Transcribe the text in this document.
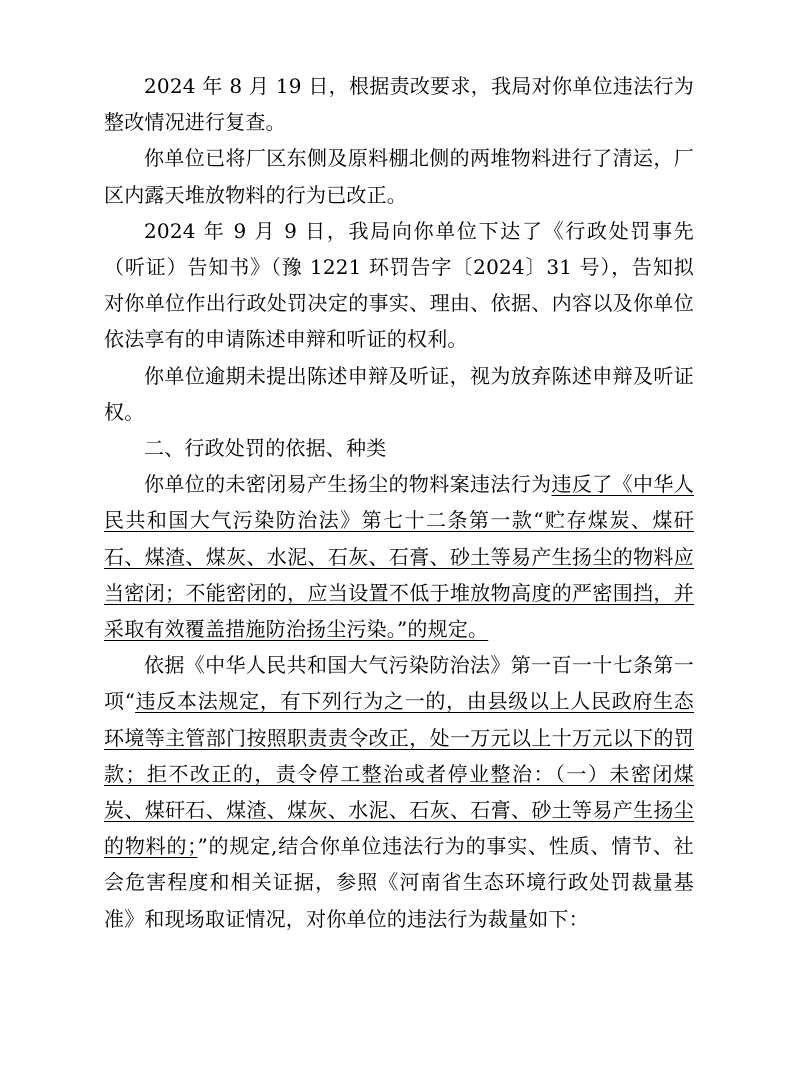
2024 年 8 月 19 日，根据责改要求，我局对你单位违法行为整改情况进行复查。

你单位已将厂区东侧及原料棚北侧的两堆物料进行了清运，厂区内露天堆放物料的行为已改正。

2024 年 9 月 9 日，我局向你单位下达了《行政处罚事先（听证）告知书》（豫 1221 环罚告字〔2024〕31 号），告知拟对你单位作出行政处罚决定的事实、理由、依据、内容以及你单位依法享有的申请陈述申辩和听证的权利。

你单位逾期未提出陈述申辩及听证，视为放弃陈述申辩及听证权。

二、行政处罚的依据、种类

你单位的未密闭易产生扬尘的物料案违法行为违反了《中华人民共和国大气污染防治法》第七十二条第一款“贮存煤炭、煤矸石、煤渣、煤灰、水泥、石灰、石膏、砂土等易产生扬尘的物料应当密闭；不能密闭的，应当设置不低于堆放物高度的严密围挡，并采取有效覆盖措施防治扬尘污染。”的规定。

依据《中华人民共和国大气污染防治法》第一百一十七条第一项“违反本法规定，有下列行为之一的，由县级以上人民政府生态环境等主管部门按照职责责令改正，处一万元以上十万元以下的罚款；拒不改正的，责令停工整治或者停业整治：（一）未密闭煤炭、煤矸石、煤渣、煤灰、水泥、石灰、石膏、砂土等易产生扬尘的物料的；”的规定,结合你单位违法行为的事实、性质、情节、社会危害程度和相关证据，参照《河南省生态环境行政处罚裁量基准》和现场取证情况，对你单位的违法行为裁量如下：
